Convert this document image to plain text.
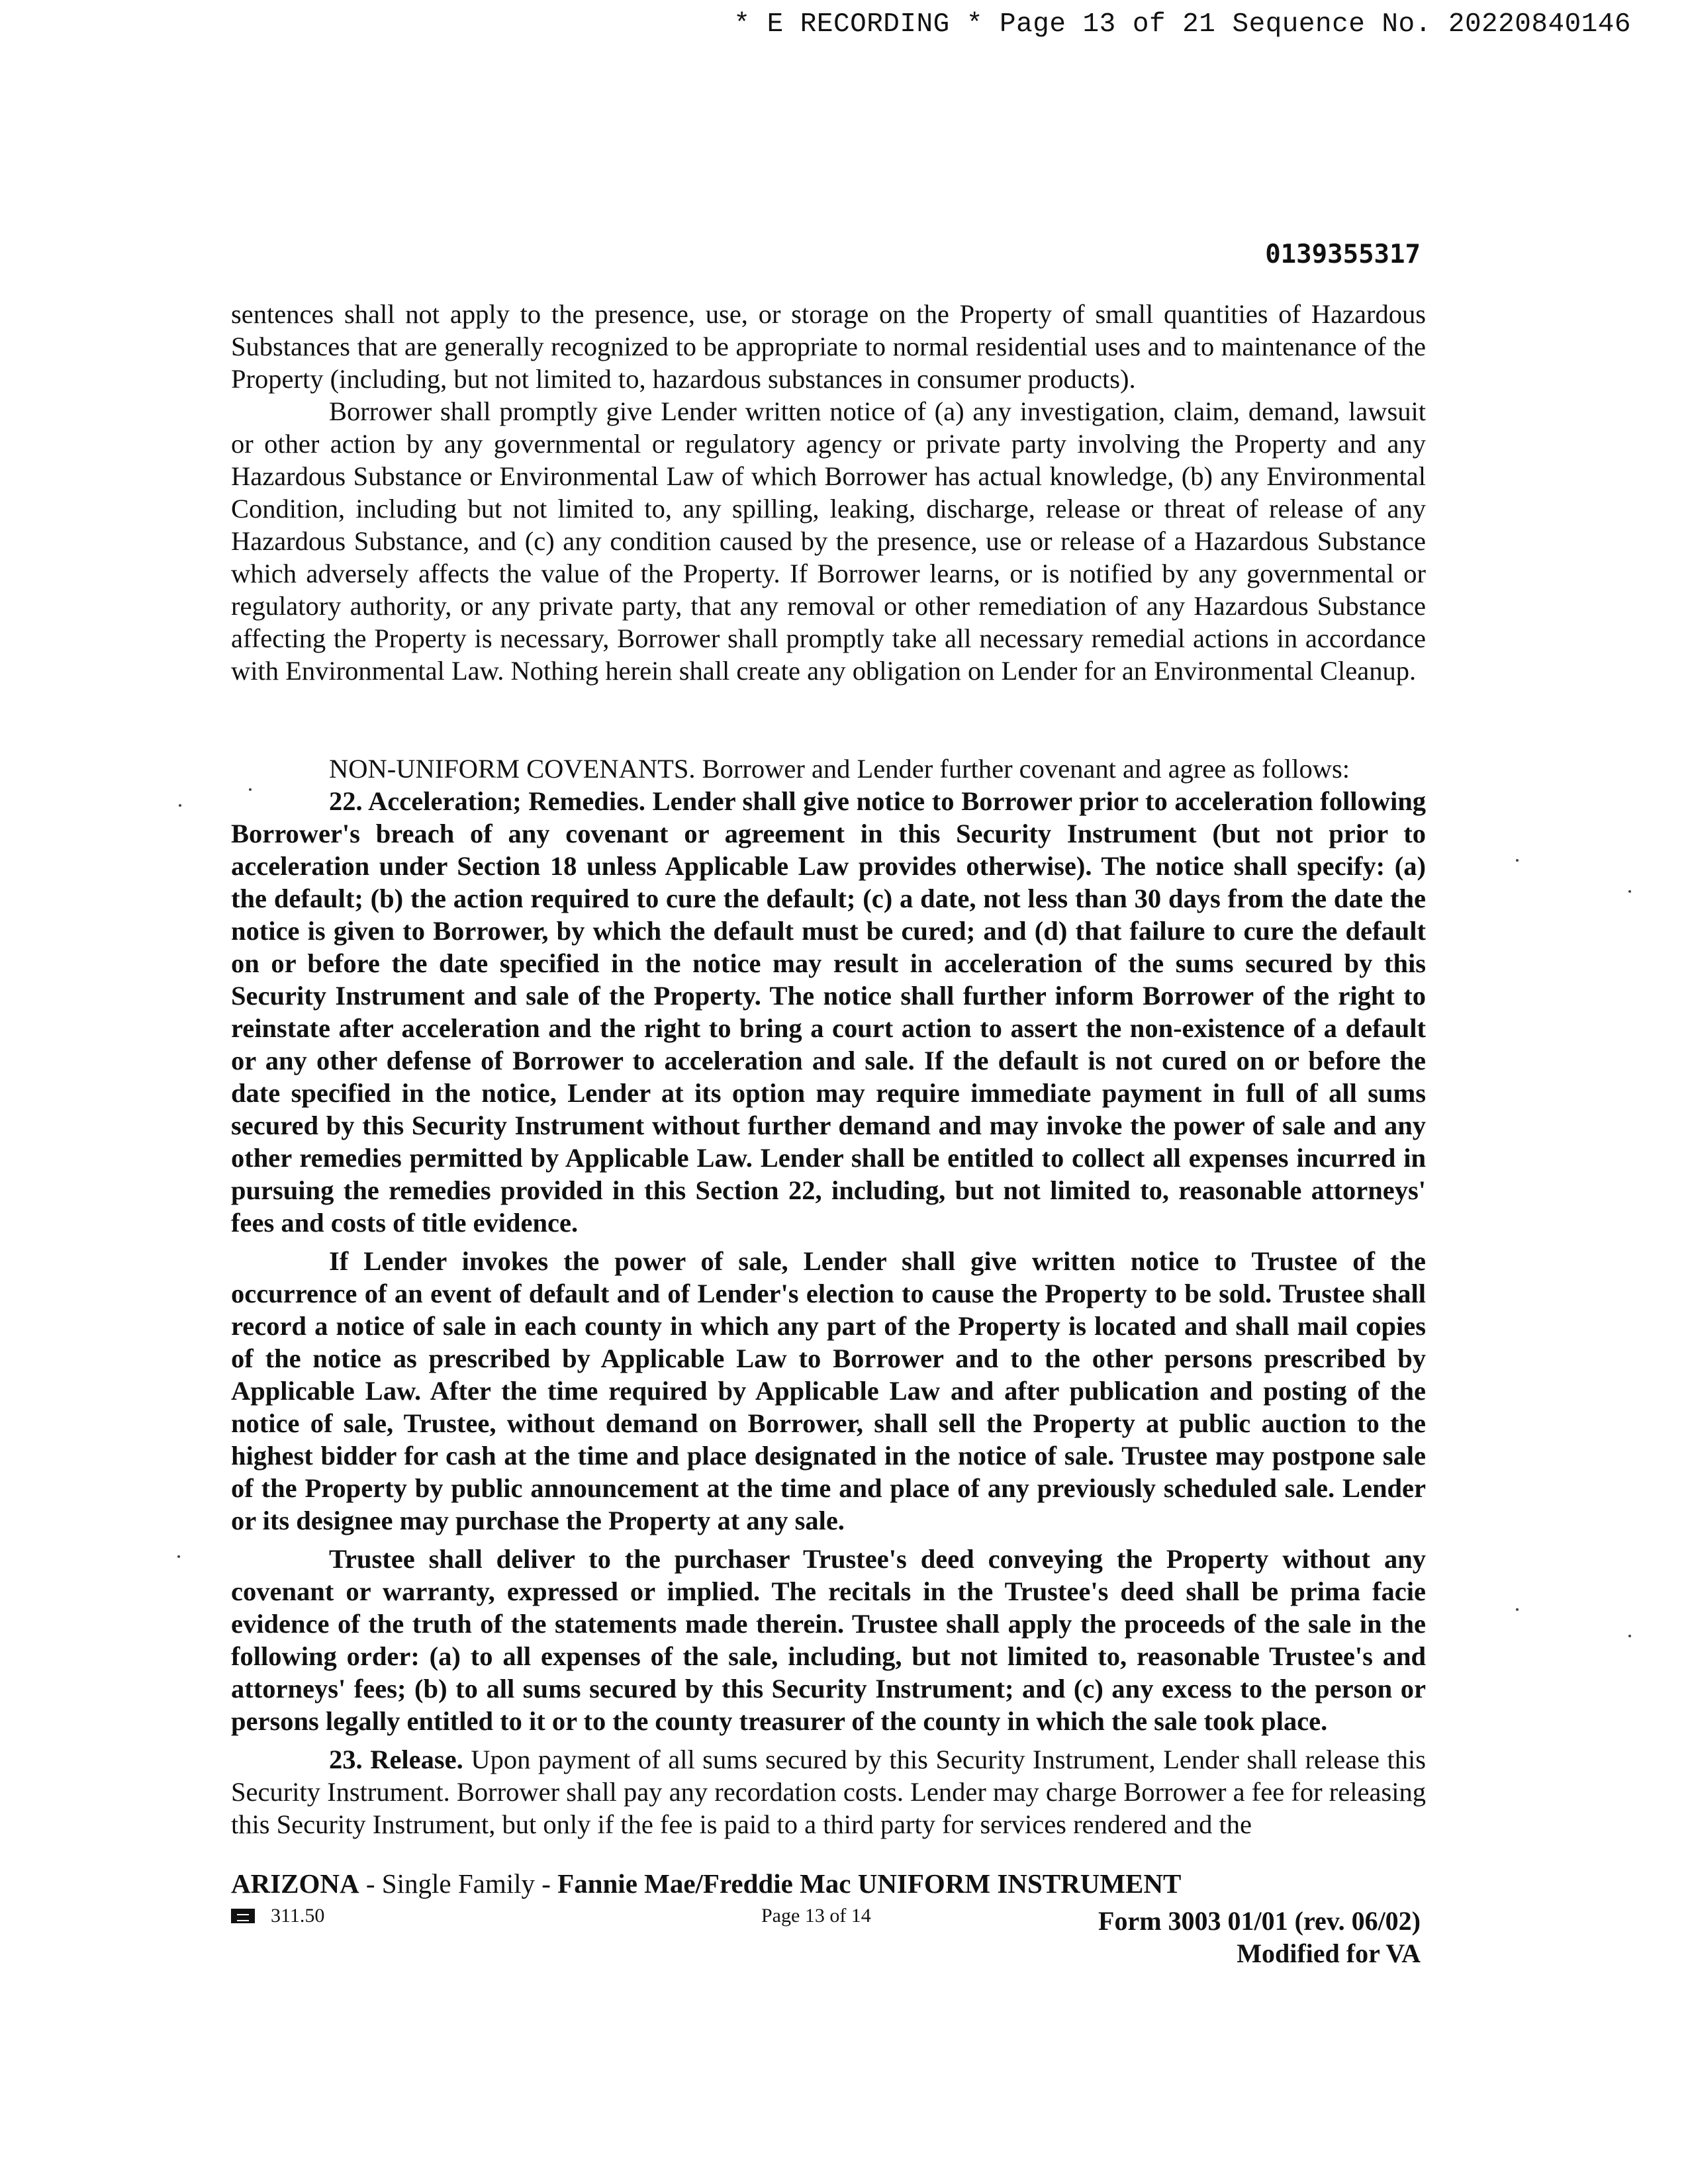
* E RECORDING * Page 13 of 21 Sequence No. 20220840146
0139355317

sentences shall not apply to the presence, use, or storage on the Property of small quantities of Hazardous Substances that are generally recognized to be appropriate to normal residential uses and to maintenance of the Property (including, but not limited to, hazardous substances in consumer products).

Borrower shall promptly give Lender written notice of (a) any investigation, claim, demand, lawsuit or other action by any governmental or regulatory agency or private party involving the Property and any Hazardous Substance or Environmental Law of which Borrower has actual knowledge, (b) any Environmental Condition, including but not limited to, any spilling, leaking, discharge, release or threat of release of any Hazardous Substance, and (c) any condition caused by the presence, use or release of a Hazardous Substance which adversely affects the value of the Property. If Borrower learns, or is notified by any governmental or regulatory authority, or any private party, that any removal or other remediation of any Hazardous Substance affecting the Property is necessary, Borrower shall promptly take all necessary remedial actions in accordance with Environmental Law. Nothing herein shall create any obligation on Lender for an Environmental Cleanup.

NON-UNIFORM COVENANTS. Borrower and Lender further covenant and agree as follows:

22. Acceleration; Remedies. Lender shall give notice to Borrower prior to acceleration following Borrower's breach of any covenant or agreement in this Security Instrument (but not prior to acceleration under Section 18 unless Applicable Law provides otherwise). The notice shall specify: (a) the default; (b) the action required to cure the default; (c) a date, not less than 30 days from the date the notice is given to Borrower, by which the default must be cured; and (d) that failure to cure the default on or before the date specified in the notice may result in acceleration of the sums secured by this Security Instrument and sale of the Property. The notice shall further inform Borrower of the right to reinstate after acceleration and the right to bring a court action to assert the non-existence of a default or any other defense of Borrower to acceleration and sale. If the default is not cured on or before the date specified in the notice, Lender at its option may require immediate payment in full of all sums secured by this Security Instrument without further demand and may invoke the power of sale and any other remedies permitted by Applicable Law. Lender shall be entitled to collect all expenses incurred in pursuing the remedies provided in this Section 22, including, but not limited to, reasonable attorneys' fees and costs of title evidence.

If Lender invokes the power of sale, Lender shall give written notice to Trustee of the occurrence of an event of default and of Lender's election to cause the Property to be sold. Trustee shall record a notice of sale in each county in which any part of the Property is located and shall mail copies of the notice as prescribed by Applicable Law to Borrower and to the other persons prescribed by Applicable Law. After the time required by Applicable Law and after publication and posting of the notice of sale, Trustee, without demand on Borrower, shall sell the Property at public auction to the highest bidder for cash at the time and place designated in the notice of sale. Trustee may postpone sale of the Property by public announcement at the time and place of any previously scheduled sale. Lender or its designee may purchase the Property at any sale.

Trustee shall deliver to the purchaser Trustee's deed conveying the Property without any covenant or warranty, expressed or implied. The recitals in the Trustee's deed shall be prima facie evidence of the truth of the statements made therein. Trustee shall apply the proceeds of the sale in the following order: (a) to all expenses of the sale, including, but not limited to, reasonable Trustee's and attorneys' fees; (b) to all sums secured by this Security Instrument; and (c) any excess to the person or persons legally entitled to it or to the county treasurer of the county in which the sale took place.

23. Release. Upon payment of all sums secured by this Security Instrument, Lender shall release this Security Instrument. Borrower shall pay any recordation costs. Lender may charge Borrower a fee for releasing this Security Instrument, but only if the fee is paid to a third party for services rendered and the

ARIZONA - Single Family - Fannie Mae/Freddie Mac UNIFORM INSTRUMENT
311.50	Page 13 of 14	Form 3003 01/01 (rev. 06/02)
Modified for VA
